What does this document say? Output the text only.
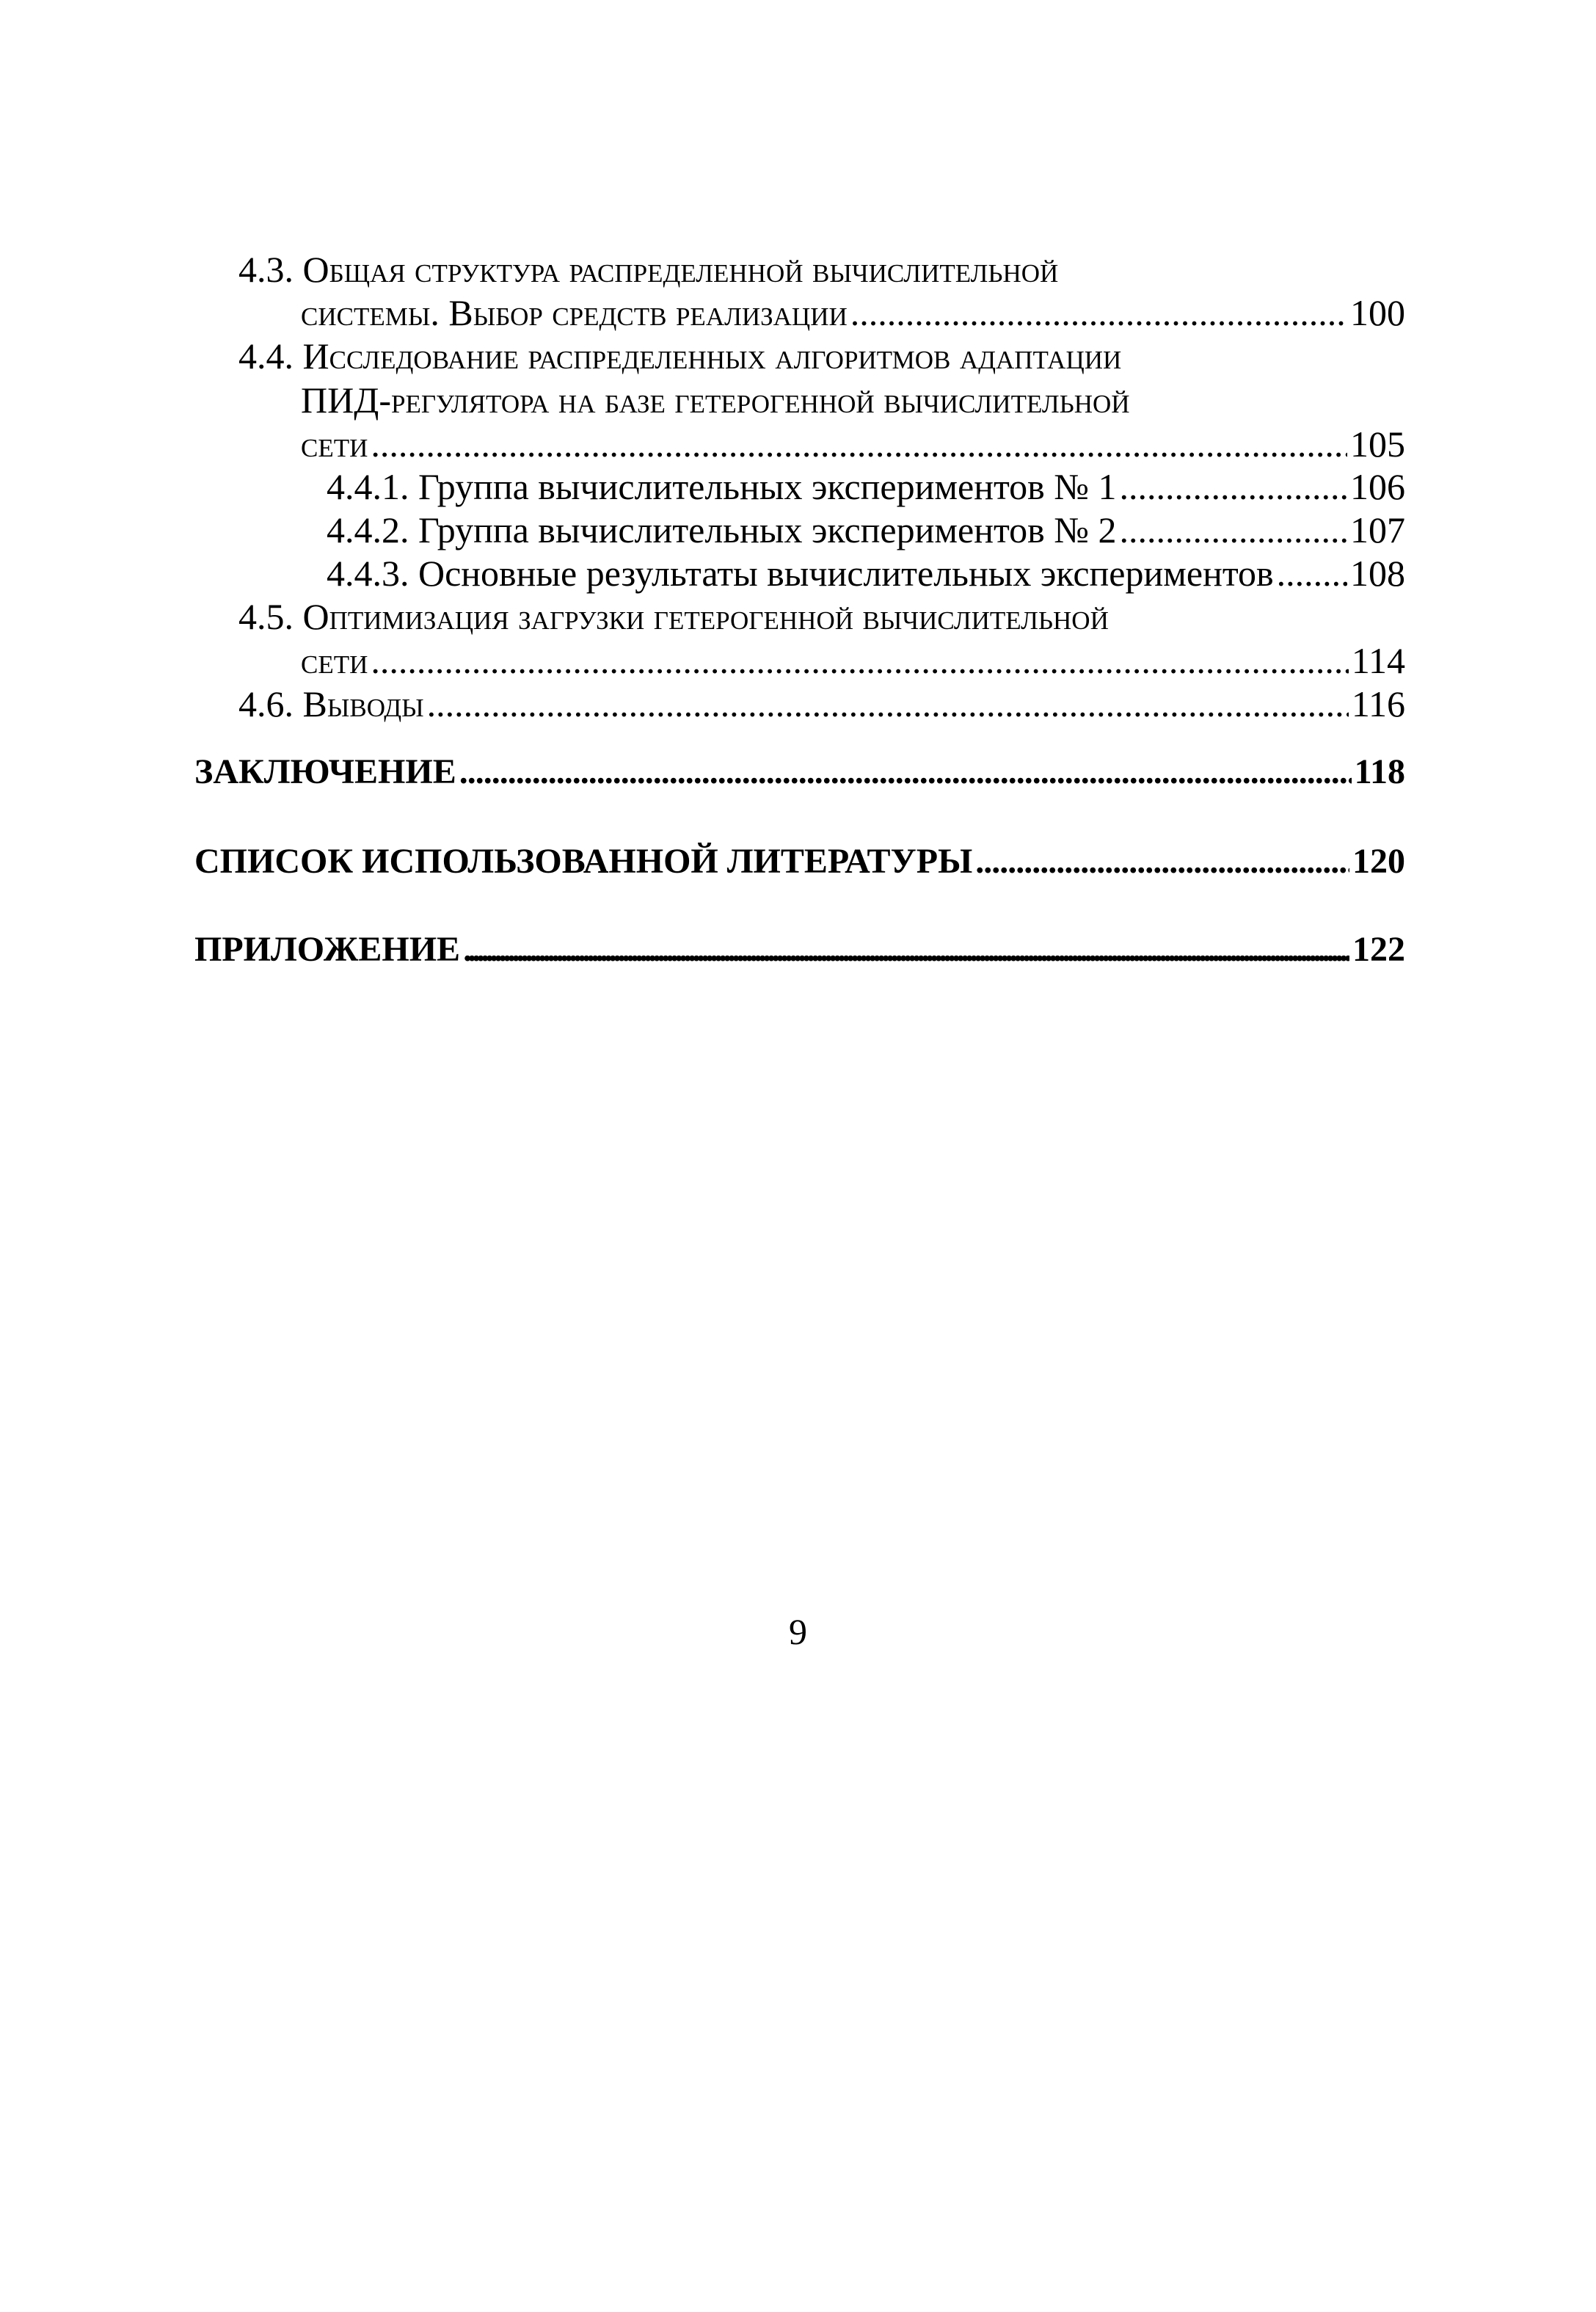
4.3. Общая структура распределенной вычислительной
системы. Выбор средств реализации .....	100
4.4. Исследование распределенных алгоритмов адаптации
ПИД-регулятора на базе гетерогенной вычислительной
сети .....	105
4.4.1. Группа вычислительных экспериментов № 1 .....	106
4.4.2. Группа вычислительных экспериментов № 2 .....	107
4.4.3. Основные результаты вычислительных экспериментов ..... 108
4.5. Оптимизация загрузки гетерогенной вычислительной
сети .....	114
4.6. Выводы .....	116
ЗАКЛЮЧЕНИЕ .....	118
СПИСОК ИСПОЛЬЗОВАННОЙ ЛИТЕРАТУРЫ .....	120
ПРИЛОЖЕНИЕ .....	122
9
